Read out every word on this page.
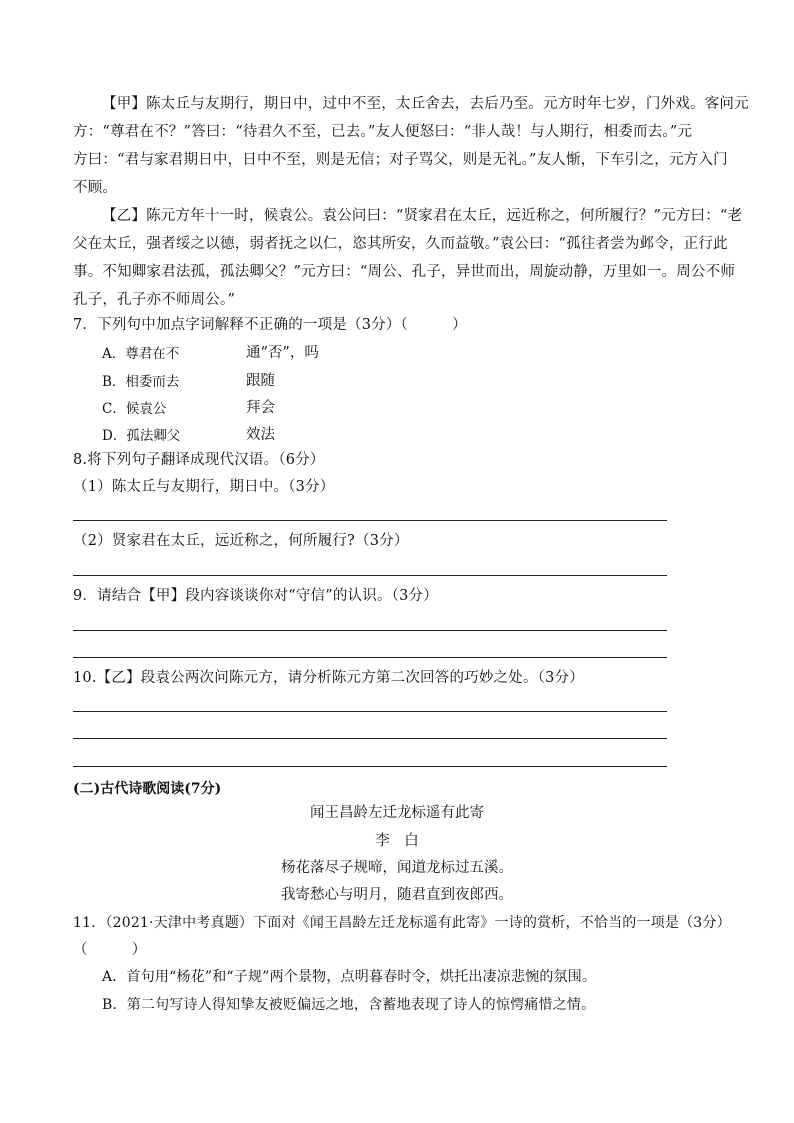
【甲】陈太丘与友期行，期日中，过中不至，太丘舍去，去后乃至。元方时年七岁，门外戏。客问元
方：“尊君在不？”答曰：“待君久不至，已去。”友人便怒曰：“非人哉！与人期行，相委而去。”元
方曰：“君与家君期日中，日中不至，则是无信；对子骂父，则是无礼。”友人惭，下车引之，元方入门
不顾。
【乙】陈元方年十一时，候袁公。袁公问曰：“贤家君在太丘，远近称之，何所履行？”元方曰：“老
父在太丘，强者绥之以德，弱者抚之以仁，恣其所安，久而益敬。”袁公曰：“孤往者尝为邺令，正行此
事。不知卿家君法孤，孤法卿父？”元方曰：“周公、孔子，异世而出，周旋动静，万里如一。周公不师
孔子，孔子亦不师周公。”
7．下列句中加点字词解释不正确的一项是（3分）（　　　）
A．尊君在不	通“否”，吗
B．相委而去	跟随
C．候袁公	拜会
D．孤法卿父	效法
8.将下列句子翻译成现代汉语。（6分）
（1）陈太丘与友期行，期日中。（3分）
（2）贤家君在太丘，远近称之，何所履行?（3分）
9．请结合【甲】段内容谈谈你对“守信”的认识。（3分）
10.【乙】段袁公两次问陈元方，请分析陈元方第二次回答的巧妙之处。（3分）
(二)古代诗歌阅读(7分)
闻王昌龄左迁龙标遥有此寄
李　白
杨花落尽子规啼，闻道龙标过五溪。
我寄愁心与明月，随君直到夜郎西。
11．（2021·天津中考真题）下面对《闻王昌龄左迁龙标遥有此寄》一诗的赏析，不恰当的一项是（3分）
（　　　）
A．首句用“杨花”和“子规”两个景物，点明暮春时令，烘托出凄凉悲惋的氛围。
B．第二句写诗人得知挚友被贬偏远之地，含蓄地表现了诗人的惊愕痛惜之情。
